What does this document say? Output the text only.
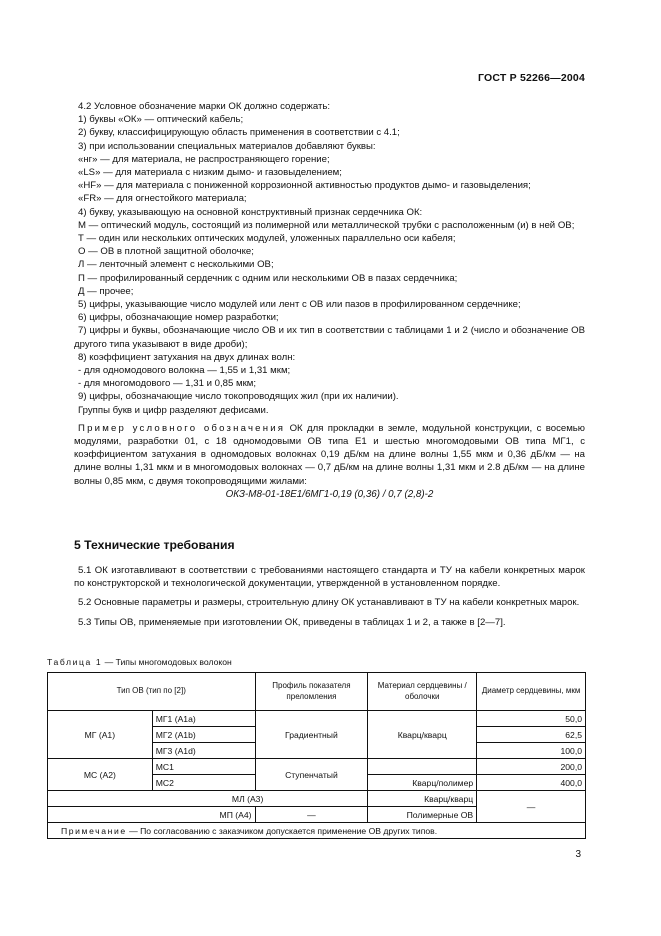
ГОСТ Р 52266—2004

4.2 Условное обозначение марки ОК должно содержать:

1) буквы «ОК» — оптический кабель;

2) букву, классифицирующую область применения в соответствии с 4.1;

3) при использовании специальных материалов добавляют буквы:

«нг» — для материала, не распространяющего горение;

«LS» — для материала с низким дымо- и газовыделением;

«HF» — для материала с пониженной коррозионной активностью продуктов дымо- и газовыделения;

«FR» — для огнестойкого материала;

4) букву, указывающую на основной конструктивный признак сердечника ОК:

М — оптический модуль, состоящий из полимерной или металлической трубки с расположенным (и) в ней ОВ;

Т — один или нескольких оптических модулей, уложенных параллельно оси кабеля;

О — ОВ в плотной защитной оболочке;

Л — ленточный элемент с несколькими ОВ;

П — профилированный сердечник с одним или несколькими ОВ в пазах сердечника;

Д — прочее;

5) цифры, указывающие число модулей или лент с ОВ или пазов в профилированном сердечнике;

6) цифры, обозначающие номер разработки;

7) цифры и буквы, обозначающие число ОВ и их тип в соответствии с таблицами 1 и 2 (число и обозначение ОВ другого типа указывают в виде дроби);

8) коэффициент затухания на двух длинах волн:

- для одномодового волокна — 1,55 и 1,31 мкм;

- для многомодового — 1,31 и 0,85 мкм;

9) цифры, обозначающие число токопроводящих жил (при их наличии).

Группы букв и цифр разделяют дефисами.

Пример условного обозначения ОК для прокладки в земле, модульной конструкции, с восемью модулями, разработки 01, с 18 одномодовыми ОВ типа Е1 и шестью многомодовыми ОВ типа МГ1, с коэффициентом затухания в одномодовых волокнах 0,19 дБ/км на длине волны 1,55 мкм и 0,36 дБ/км — на длине волны 1,31 мкм и в многомодовых волокнах — 0,7 дБ/км на длине волны 1,31 мкм и 2.8 дБ/км — на длине волны 0,85 мкм, с двумя токопроводящими жилами:

ОКЗ-М8-01-18Е1/6МГ1-0,19 (0,36) / 0,7 (2,8)-2

5 Технические требования

5.1 ОК изготавливают в соответствии с требованиями настоящего стандарта и ТУ на кабели конкретных марок по конструкторской и технологической документации, утвержденной в установленном порядке.

5.2 Основные параметры и размеры, строительную длину ОК устанавливают в ТУ на кабели конкретных марок.

5.3 Типы ОВ, применяемые при изготовлении ОК, приведены в таблицах 1 и 2, а также в [2—7].

Таблица 1 — Типы многомодовых волокон
Тип ОВ (тип по [2])		Профиль показателя преломления	Материал сердцевины / оболочки	Диаметр сердцевины, мкм
МГ (А1)	МГ1 (А1а)	Градиентный	Кварц/кварц	50,0
	МГ2 (А1b)			62,5
	МГ3 (А1d)			100,0
МС (А2)	МС1	Ступенчатый		200,0
	МС2		Кварц/полимер	400,0
МЛ (А3)			Кварц/кварц	—
МП (А4)		—	Полимерные ОВ	
Примечание — По согласованию с заказчиком допускается применение ОВ других типов.				
3
